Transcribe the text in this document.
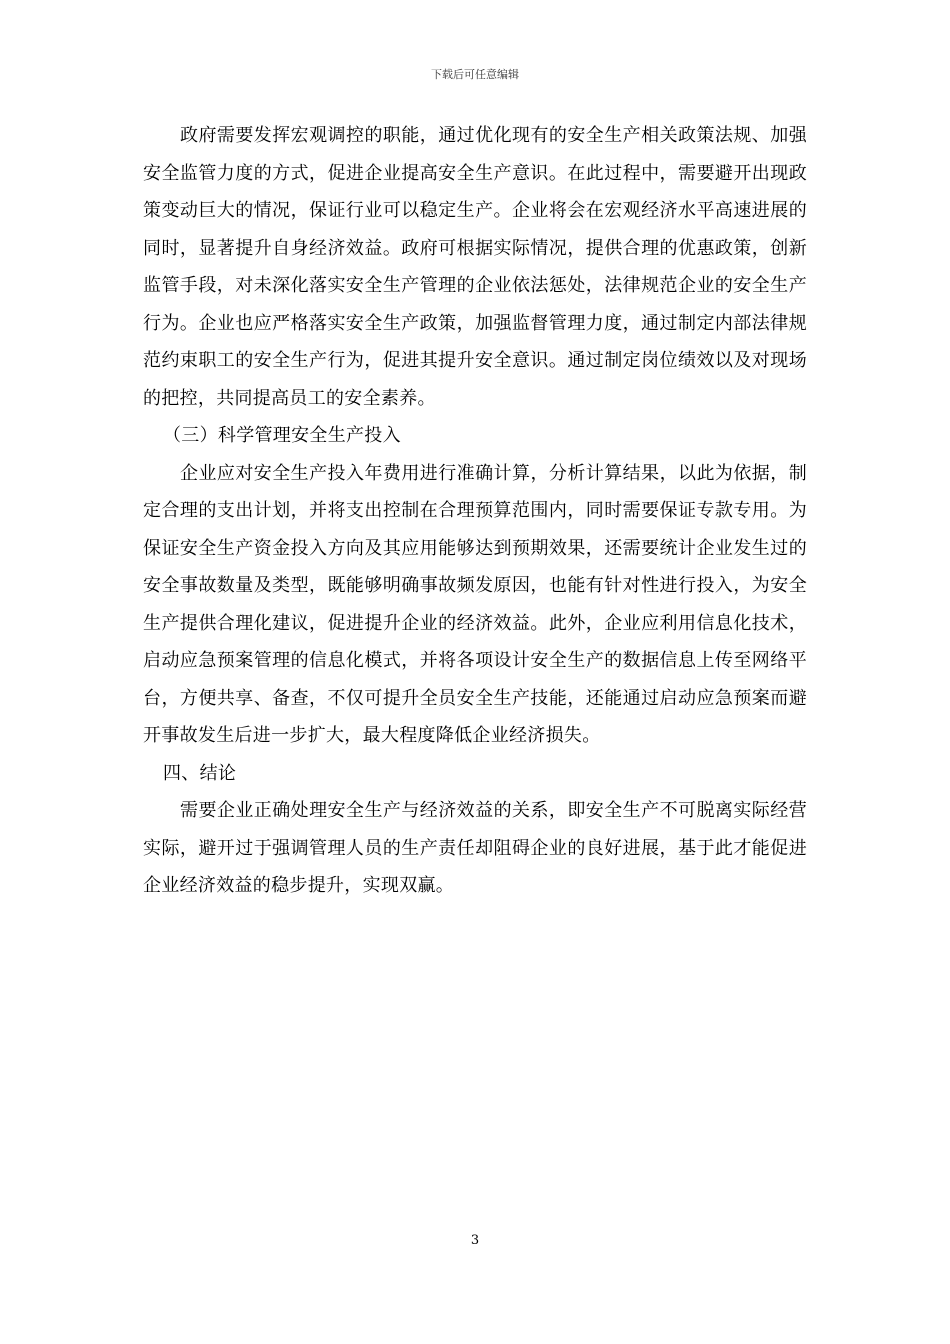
下载后可任意编辑

政府需要发挥宏观调控的职能，通过优化现有的安全生产相关政策法规、加强安全监管力度的方式，促进企业提高安全生产意识。在此过程中，需要避开出现政策变动巨大的情况，保证行业可以稳定生产。企业将会在宏观经济水平高速进展的同时，显著提升自身经济效益。政府可根据实际情况，提供合理的优惠政策，创新监管手段，对未深化落实安全生产管理的企业依法惩处，法律规范企业的安全生产行为。企业也应严格落实安全生产政策，加强监督管理力度，通过制定内部法律规范约束职工的安全生产行为，促进其提升安全意识。通过制定岗位绩效以及对现场的把控，共同提高员工的安全素养。

（三）科学管理安全生产投入

企业应对安全生产投入年费用进行准确计算，分析计算结果，以此为依据，制定合理的支出计划，并将支出控制在合理预算范围内，同时需要保证专款专用。为保证安全生产资金投入方向及其应用能够达到预期效果，还需要统计企业发生过的安全事故数量及类型，既能够明确事故频发原因，也能有针对性进行投入，为安全生产提供合理化建议，促进提升企业的经济效益。此外，企业应利用信息化技术，启动应急预案管理的信息化模式，并将各项设计安全生产的数据信息上传至网络平台，方便共享、备查，不仅可提升全员安全生产技能，还能通过启动应急预案而避开事故发生后进一步扩大，最大程度降低企业经济损失。

四、结论

需要企业正确处理安全生产与经济效益的关系，即安全生产不可脱离实际经营实际，避开过于强调管理人员的生产责任却阻碍企业的良好进展，基于此才能促进企业经济效益的稳步提升，实现双赢。

3
